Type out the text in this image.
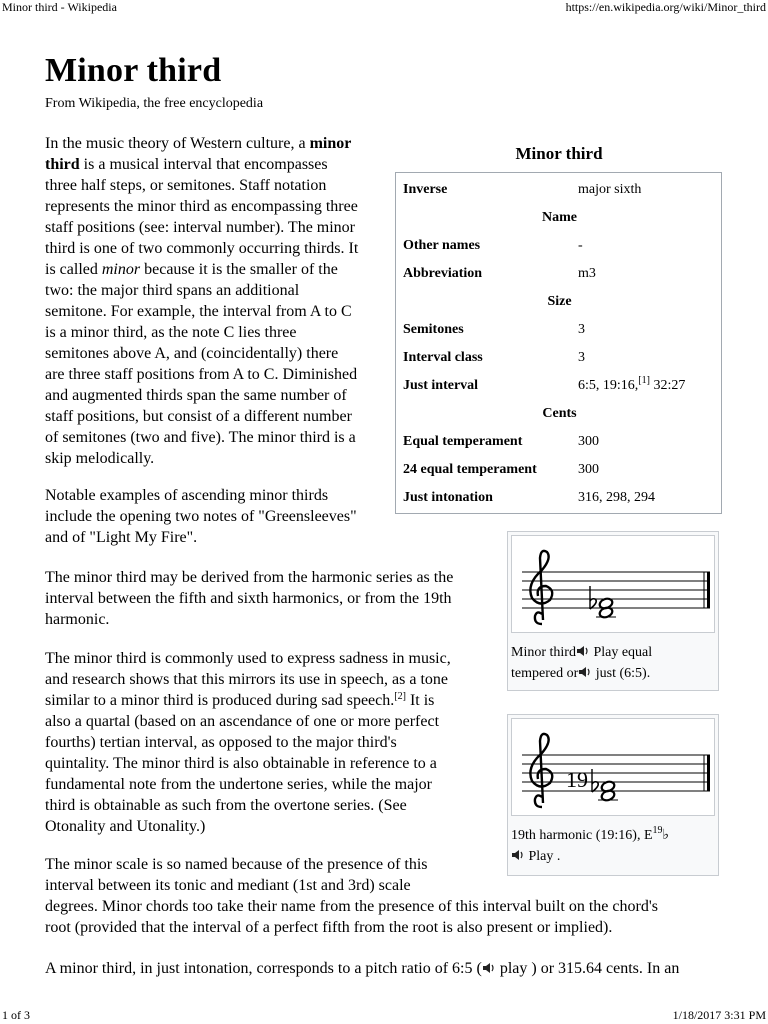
Minor third - Wikipedia	https://en.wikipedia.org/wiki/Minor_third
1 of 3	1/18/2017 3:31 PM
Minor third
From Wikipedia, the free encyclopedia
In the music theory of Western culture, a minor
third is a musical interval that encompasses
three half steps, or semitones. Staff notation
represents the minor third as encompassing three
staff positions (see: interval number). The minor
third is one of two commonly occurring thirds. It
is called minor because it is the smaller of the
two: the major third spans an additional
semitone. For example, the interval from A to C
is a minor third, as the note C lies three
semitones above A, and (coincidentally) there
are three staff positions from A to C. Diminished
and augmented thirds span the same number of
staff positions, but consist of a different number
of semitones (two and five). The minor third is a
skip melodically.
Notable examples of ascending minor thirds
include the opening two notes of "Greensleeves"
and of "Light My Fire".
The minor third may be derived from the harmonic series as the
interval between the fifth and sixth harmonics, or from the 19th
harmonic.
The minor third is commonly used to express sadness in music,
and research shows that this mirrors its use in speech, as a tone
similar to a minor third is produced during sad speech.[2] It is
also a quartal (based on an ascendance of one or more perfect
fourths) tertian interval, as opposed to the major third's
quintality. The minor third is also obtainable in reference to a
fundamental note from the undertone series, while the major
third is obtainable as such from the overtone series. (See
Otonality and Utonality.)
The minor scale is so named because of the presence of this
interval between its tonic and mediant (1st and 3rd) scale
degrees. Minor chords too take their name from the presence of this interval built on the chord's
root (provided that the interval of a perfect fifth from the root is also present or implied).
A minor third, in just intonation, corresponds to a pitch ratio of 6:5 ( play ) or 315.64 cents. In an
Minor third
Inverse	major sixth
Name
Other names	-
Abbreviation	m3
Size
Semitones	3
Interval class	3
Just interval	6:5, 19:16,[1] 32:27
Cents
Equal temperament	300
24 equal temperament	300
Just intonation	316, 298, 294
Minor third Play equal
tempered or just (6:5).
19
19th harmonic (19:16), $E^{19}♭$
Play .
